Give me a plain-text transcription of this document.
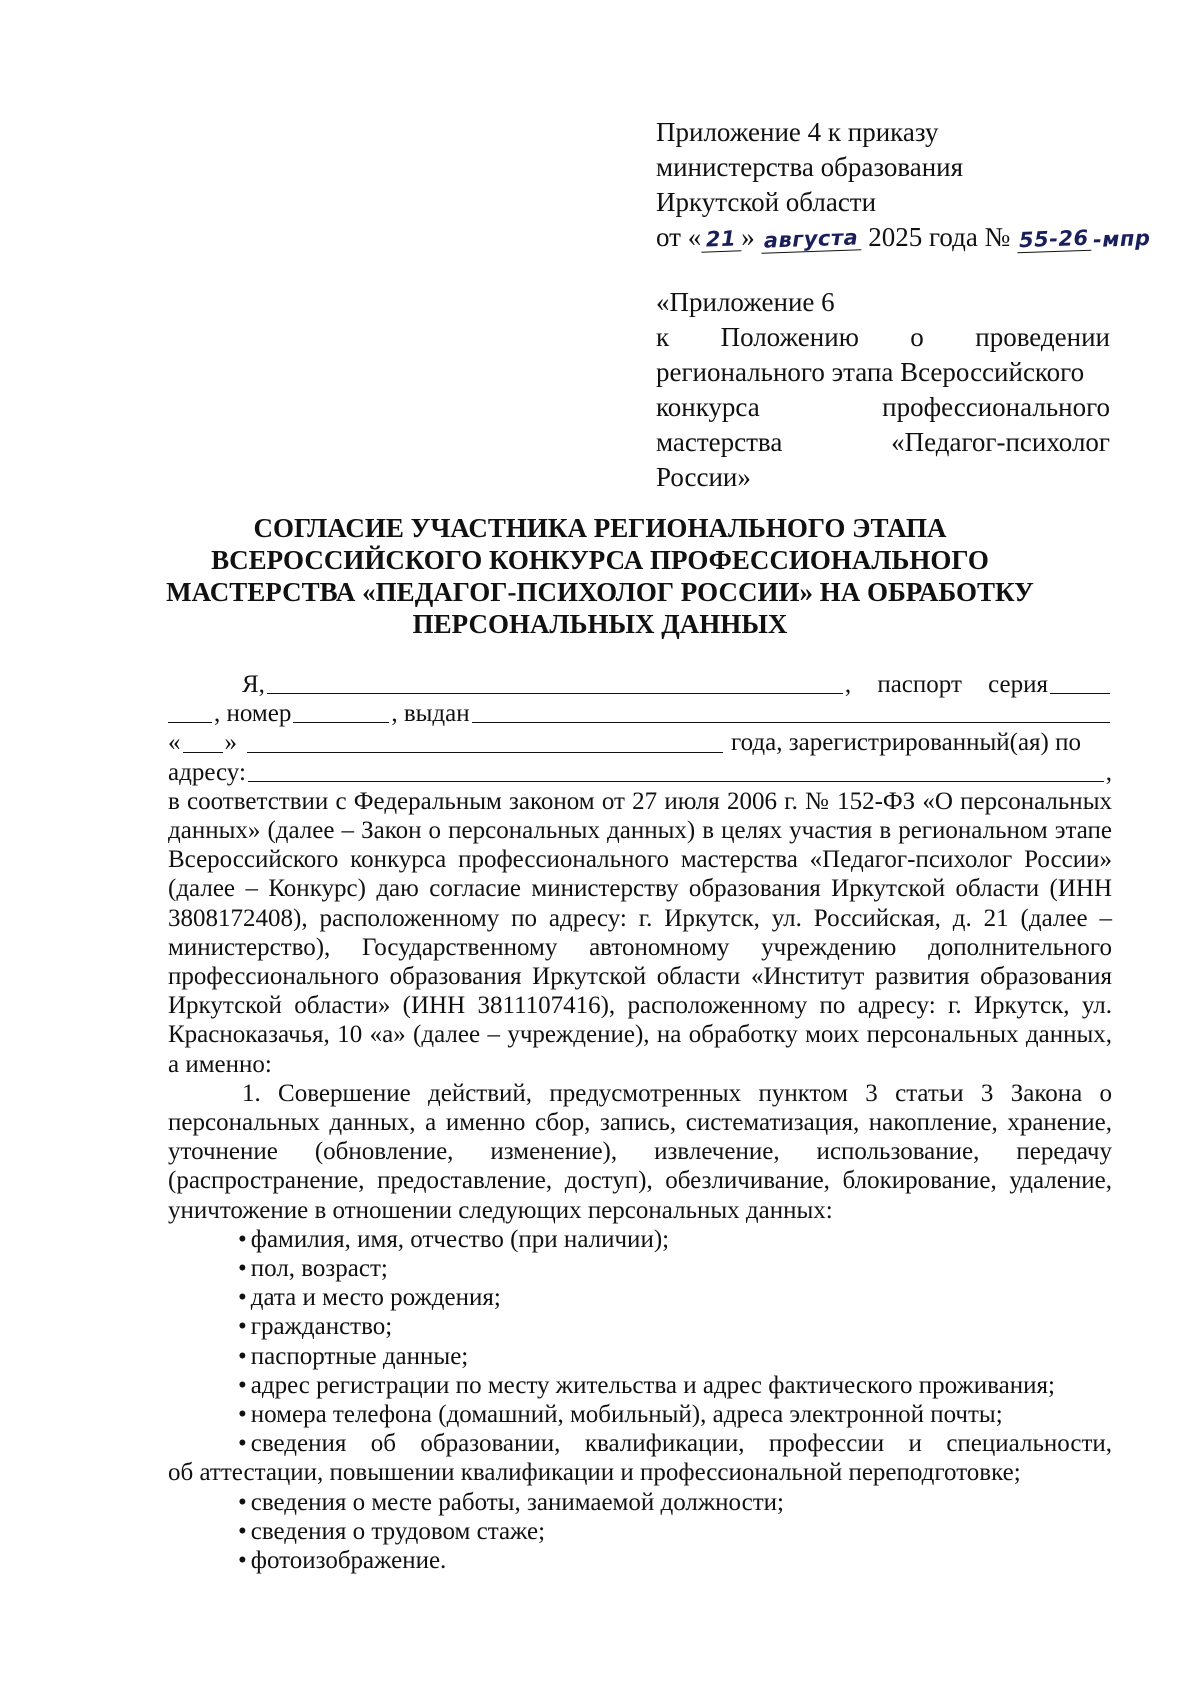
Приложение 4 к приказу
министерства образования
Иркутской области
от « 21 » августа 2025 года № 55-26 -мпр
«Приложение 6
к Положению о проведении
регионального этапа Всероссийского
конкурса профессионального
мастерства «Педагог-психолог
России»
СОГЛАСИЕ УЧАСТНИКА РЕГИОНАЛЬНОГО ЭТАПА
ВСЕРОССИЙСКОГО КОНКУРСА ПРОФЕССИОНАЛЬНОГО
МАСТЕРСТВА «ПЕДАГОГ-ПСИХОЛОГ РОССИИ» НА ОБРАБОТКУ
ПЕРСОНАЛЬНЫХ ДАННЫХ
Я,	, паспорт серия
, номер	, выдан
« »	года, зарегистрированный(ая) по
адресу:	,
в соответствии с Федеральным законом от 27 июля 2006 г. № 152-ФЗ «О персональных данных» (далее – Закон о персональных данных) в целях участия в региональном этапе Всероссийского конкурса профессионального мастерства «Педагог-психолог России» (далее – Конкурс) даю согласие министерству образования Иркутской области (ИНН 3808172408), расположенному по адресу: г. Иркутск, ул. Российская, д. 21 (далее – министерство), Государственному автономному учреждению дополнительного профессионального образования Иркутской области «Институт развития образования Иркутской области» (ИНН 3811107416), расположенному по адресу: г. Иркутск, ул. Красноказачья, 10 «а» (далее – учреждение), на обработку моих персональных данных, а именно:
1. Совершение действий, предусмотренных пунктом 3 статьи 3 Закона о персональных данных, а именно сбор, запись, систематизация, накопление, хранение, уточнение (обновление, изменение), извлечение, использование, передачу (распространение, предоставление, доступ), обезличивание, блокирование, удаление, уничтожение в отношении следующих персональных данных:
• фамилия, имя, отчество (при наличии);
• пол, возраст;
• дата и место рождения;
• гражданство;
• паспортные данные;
• адрес регистрации по месту жительства и адрес фактического проживания;
• номера телефона (домашний, мобильный), адреса электронной почты;
• сведения об образовании, квалификации, профессии и специальности,
об аттестации, повышении квалификации и профессиональной переподготовке;
• сведения о месте работы, занимаемой должности;
• сведения о трудовом стаже;
• фотоизображение.
